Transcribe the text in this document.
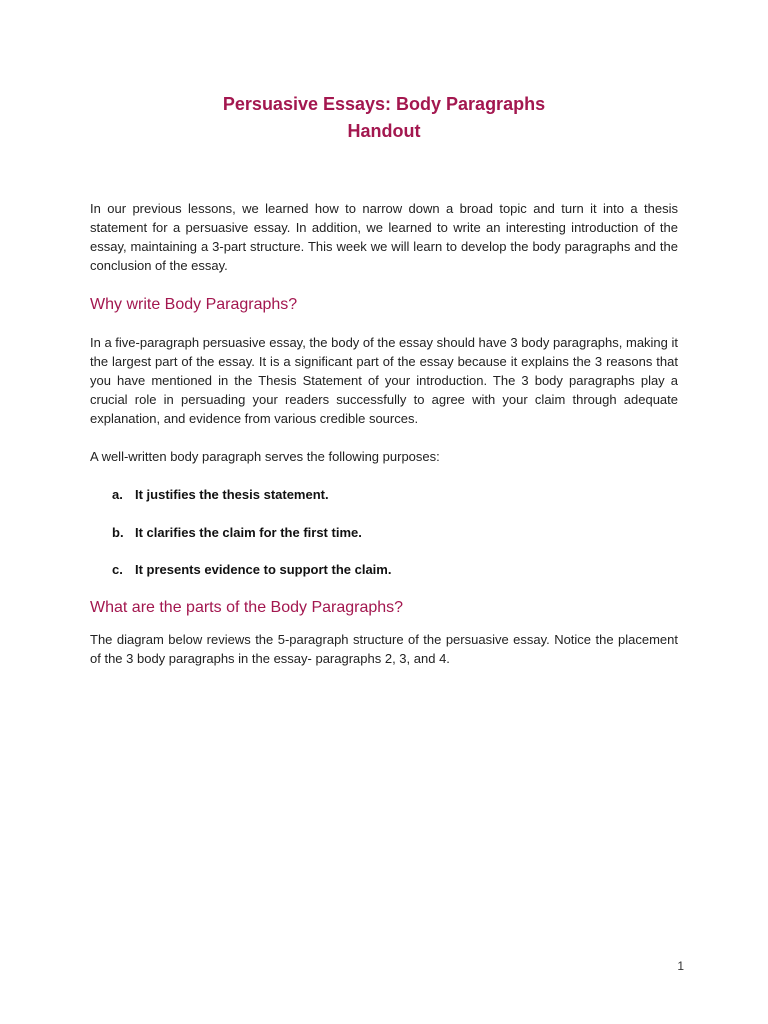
Persuasive Essays: Body Paragraphs
Handout

In our previous lessons, we learned how to narrow down a broad topic and turn it into a thesis statement for a persuasive essay. In addition, we learned to write an interesting introduction of the essay, maintaining a 3-part structure. This week we will learn to develop the body paragraphs and the conclusion of the essay.

Why write Body Paragraphs?

In a five-paragraph persuasive essay, the body of the essay should have 3 body paragraphs, making it the largest part of the essay. It is a significant part of the essay because it explains the 3 reasons that you have mentioned in the Thesis Statement of your introduction. The 3 body paragraphs play a crucial role in persuading your readers successfully to agree with your claim through adequate explanation, and evidence from various credible sources.

A well-written body paragraph serves the following purposes:

a. It justifies the thesis statement.
b. It clarifies the claim for the first time.
c. It presents evidence to support the claim.
What are the parts of the Body Paragraphs?

The diagram below reviews the 5-paragraph structure of the persuasive essay. Notice the placement of the 3 body paragraphs in the essay- paragraphs 2, 3, and 4.

1
